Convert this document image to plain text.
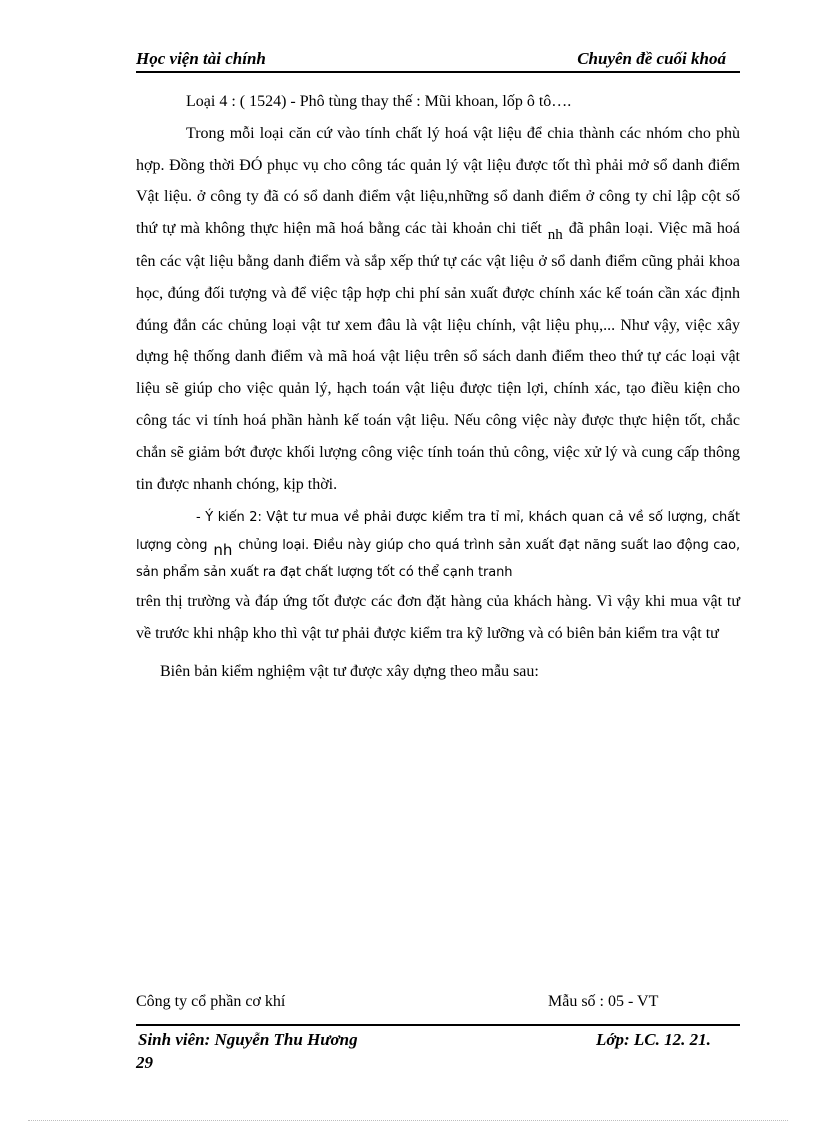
Học viện tài chính	Chuyên đề cuối khoá

Loại 4 : ( 1524) - Phô tùng thay thế : Mũi khoan, lốp ô tô….

Trong mỗi loại căn cứ vào tính chất lý hoá vật liệu để chia thành các nhóm cho phù hợp. Đồng thời ĐÓ phục vụ cho công tác quản lý vật liệu được tốt thì phải mở sổ danh điểm Vật liệu. ở công ty đã có sổ danh điểm vật liệu,những sổ danh điểm ở công ty chỉ lập cột số thứ tự mà không thực hiện mã hoá bằng các tài khoản chi tiết nh đã phân loại. Việc mã hoá tên các vật liệu bằng danh điểm và sắp xếp thứ tự các vật liệu ở sổ danh điểm cũng phải khoa học, đúng đối tượng và để việc tập hợp chi phí sản xuất được chính xác kế toán cần xác định đúng đắn các chủng loại vật tư xem đâu là vật liệu chính, vật liệu phụ,... Như vậy, việc xây dựng hệ thống danh điểm và mã hoá vật liệu trên sổ sách danh điểm theo thứ tự các loại vật liệu sẽ giúp cho việc quản lý, hạch toán vật liệu được tiện lợi, chính xác, tạo điều kiện cho công tác vi tính hoá phần hành kế toán vật liệu. Nếu công việc này được thực hiện tốt, chắc chắn sẽ giảm bớt được khối lượng công việc tính toán thủ công, việc xử lý và cung cấp thông tin được nhanh chóng, kịp thời.

- Ý kiến 2: Vật tư mua về phải được kiểm tra tỉ mỉ, khách quan cả về số lượng, chất lượng còng nh chủng loại. Điều này giúp cho quá trình sản xuất đạt năng suất lao động cao, sản phẩm sản xuất ra đạt chất lượng tốt có thể cạnh tranh

trên thị trường và đáp ứng tốt được các đơn đặt hàng của khách hàng. Vì vậy khi mua vật tư về trước khi nhập kho thì vật tư phải được kiểm tra kỹ lưỡng và có biên bản kiểm tra vật tư

Biên bản kiểm nghiệm vật tư được xây dựng theo mẫu sau:

Công ty cổ phần cơ khí	Mẫu số : 05 - VT
Sinh viên: Nguyễn Thu Hương	Lớp: LC. 12. 21.
29
